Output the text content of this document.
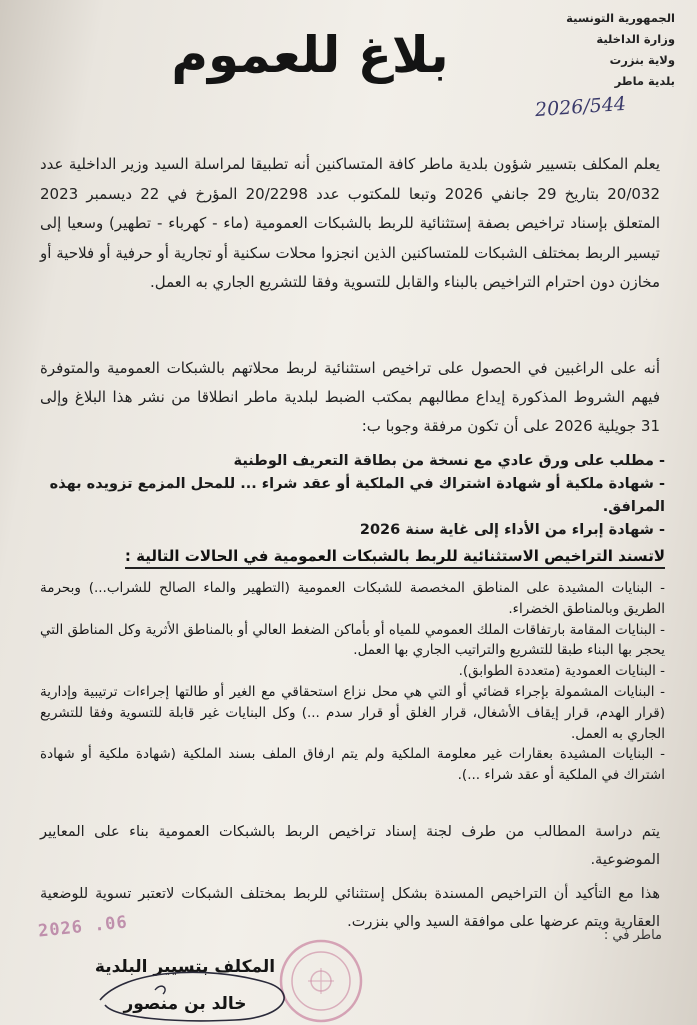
الجمهورية التونسية
وزارة الداخلية
ولاية بنزرت
بلدية ماطر
بلاغ للعموم
2026/544
يعلم المكلف بتسيير شؤون بلدية ماطر كافة المتساكنين أنه تطبيقا لمراسلة السيد وزير الداخلية عدد 20/032 بتاريخ 29 جانفي 2026 وتبعا للمكتوب عدد 20/2298 المؤرخ في 22 ديسمبر 2023 المتعلق بإسناد تراخيص بصفة إستثنائية للربط بالشبكات العمومية (ماء - كهرباء - تطهير) وسعيا إلى تيسير الربط بمختلف الشبكات للمتساكنين الذين انجزوا محلات سكنية أو تجارية أو حرفية أو فلاحية أو مخازن دون احترام التراخيص بالبناء والقابل للتسوية وفقا للتشريع الجاري به العمل.
أنه على الراغبين في الحصول على تراخيص استثنائية لربط محلاتهم بالشبكات العمومية والمتوفرة فيهم الشروط المذكورة إيداع مطالبهم بمكتب الضبط لبلدية ماطر انطلاقا من نشر هذا البلاغ وإلى 31 جويلية 2026 على أن تكون مرفقة وجوبا ب:
- مطلب على ورق عادي مع نسخة من بطاقة التعريف الوطنية
- شهادة ملكية أو شهادة اشتراك في الملكية أو عقد شراء ... للمحل المزمع تزويده بهذه المرافق.
- شهادة إبراء من الأداء إلى غاية سنة 2026
لاتسند التراخيص الاستثنائية للربط بالشبكات العمومية في الحالات التالية :
- البنايات المشيدة على المناطق المخصصة للشبكات العمومية (التطهير والماء الصالح للشراب...) وبحرمة الطريق وبالمناطق الخضراء.
- البنايات المقامة بارتفاقات الملك العمومي للمياه أو بأماكن الضغط العالي أو بالمناطق الأثرية وكل المناطق التي يحجر بها البناء طبقا للتشريع والتراتيب الجاري بها العمل.
- البنايات العمودية (متعددة الطوابق).
- البنايات المشمولة بإجراء قضائي أو التي هي محل نزاع استحقاقي مع الغير أو طالتها إجراءات ترتيبية وإدارية (قرار الهدم، قرار إيقاف الأشغال، قرار الغلق أو قرار سدم ...) وكل البنايات غير قابلة للتسوية وفقا للتشريع الجاري به العمل.
- البنايات المشيدة بعقارات غير معلومة الملكية ولم يتم ارفاق الملف بسند الملكية (شهادة ملكية أو شهادة اشتراك في الملكية أو عقد شراء ...).
يتم دراسة المطالب من طرف لجنة إسناد تراخيص الربط بالشبكات العمومية بناء على المعايير الموضوعية.
هذا مع التأكيد أن التراخيص المسندة بشكل إستثنائي للربط بمختلف الشبكات لاتعتبر تسوية للوضعية العقارية ويتم عرضها على موافقة السيد والي بنزرت.
ماطر في :
2026 .06
المكلف بتسيير البلدية
خالد بن منصور
